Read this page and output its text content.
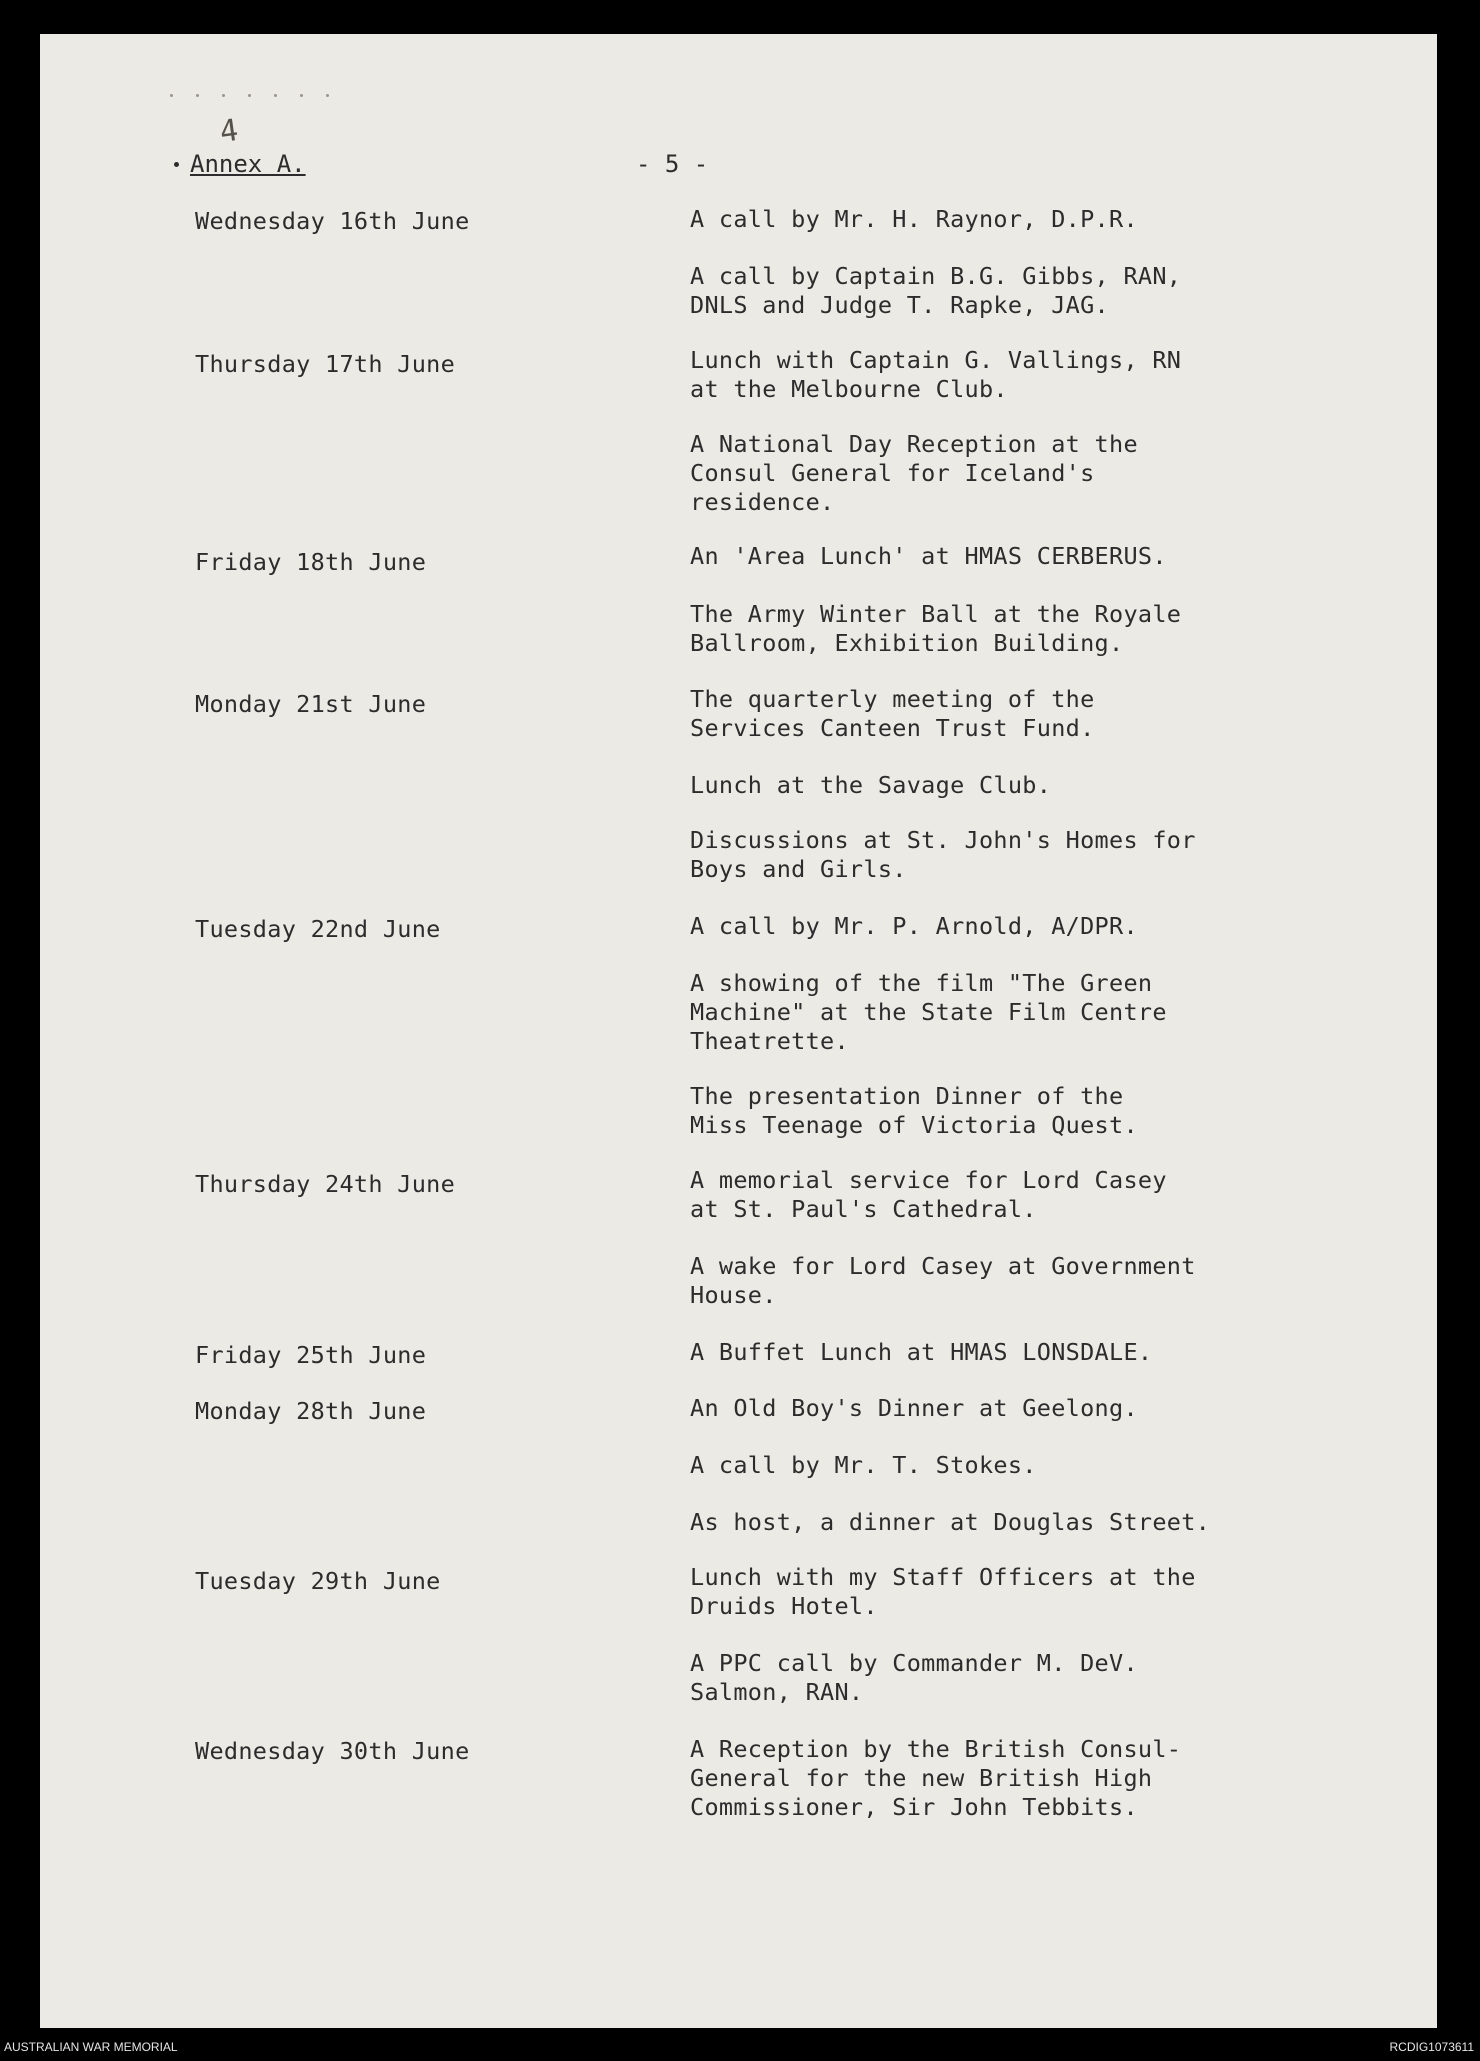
4
Annex A.	- 5 -
Wednesday 16th June	A call by Mr. H. Raynor, D.P.R.
A call by Captain B.G. Gibbs, RAN,
DNLS and Judge T. Rapke, JAG.
Thursday 17th June	Lunch with Captain G. Vallings, RN
at the Melbourne Club.
A National Day Reception at the
Consul General for Iceland's
residence.
Friday 18th June	An 'Area Lunch' at HMAS CERBERUS.
The Army Winter Ball at the Royale
Ballroom, Exhibition Building.
Monday 21st June	The quarterly meeting of the
Services Canteen Trust Fund.
Lunch at the Savage Club.
Discussions at St. John's Homes for
Boys and Girls.
Tuesday 22nd June	A call by Mr. P. Arnold, A/DPR.
A showing of the film "The Green
Machine" at the State Film Centre
Theatrette.
The presentation Dinner of the
Miss Teenage of Victoria Quest.
Thursday 24th June	A memorial service for Lord Casey
at St. Paul's Cathedral.
A wake for Lord Casey at Government
House.
Friday 25th June	A Buffet Lunch at HMAS LONSDALE.
Monday 28th June	An Old Boy's Dinner at Geelong.
A call by Mr. T. Stokes.
As host, a dinner at Douglas Street.
Tuesday 29th June	Lunch with my Staff Officers at the
Druids Hotel.
A PPC call by Commander M. DeV.
Salmon, RAN.
Wednesday 30th June	A Reception by the British Consul-
General for the new British High
Commissioner, Sir John Tebbits.
AUSTRALIAN WAR MEMORIAL	RCDIG1073611
